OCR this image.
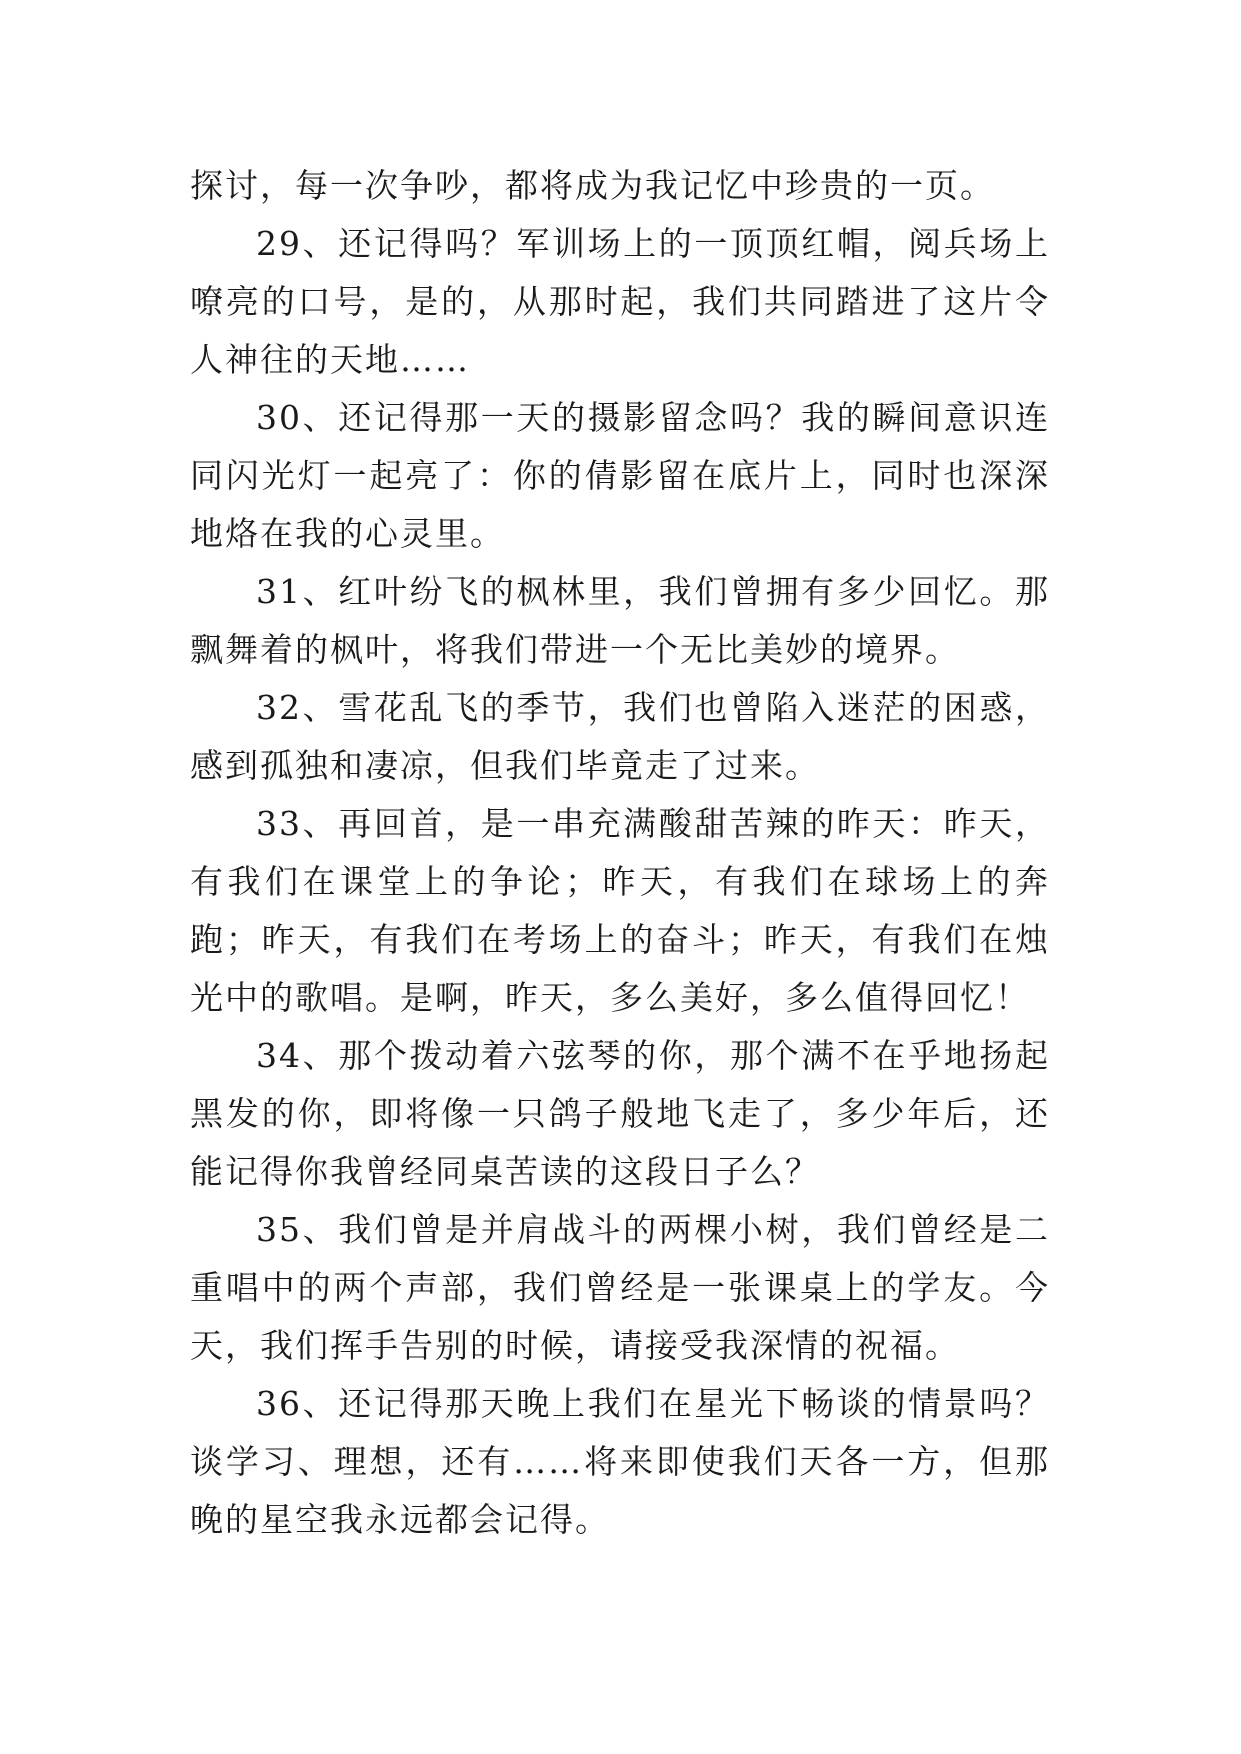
探讨，每一次争吵，都将成为我记忆中珍贵的一页。

29、还记得吗？军训场上的一顶顶红帽，阅兵场上嘹亮的口号，是的，从那时起，我们共同踏进了这片令人神往的天地……

30、还记得那一天的摄影留念吗？我的瞬间意识连同闪光灯一起亮了：你的倩影留在底片上，同时也深深地烙在我的心灵里。

31、红叶纷飞的枫林里，我们曾拥有多少回忆。那飘舞着的枫叶，将我们带进一个无比美妙的境界。

32、雪花乱飞的季节，我们也曾陷入迷茫的困惑，感到孤独和凄凉，但我们毕竟走了过来。

33、再回首，是一串充满酸甜苦辣的昨天：昨天，有我们在课堂上的争论；昨天，有我们在球场上的奔跑；昨天，有我们在考场上的奋斗；昨天，有我们在烛光中的歌唱。是啊，昨天，多么美好，多么值得回忆！

34、那个拨动着六弦琴的你，那个满不在乎地扬起黑发的你，即将像一只鸽子般地飞走了，多少年后，还能记得你我曾经同桌苦读的这段日子么？

35、我们曾是并肩战斗的两棵小树，我们曾经是二重唱中的两个声部，我们曾经是一张课桌上的学友。今天，我们挥手告别的时候，请接受我深情的祝福。

36、还记得那天晚上我们在星光下畅谈的情景吗？谈学习、理想，还有……将来即使我们天各一方，但那晚的星空我永远都会记得。
